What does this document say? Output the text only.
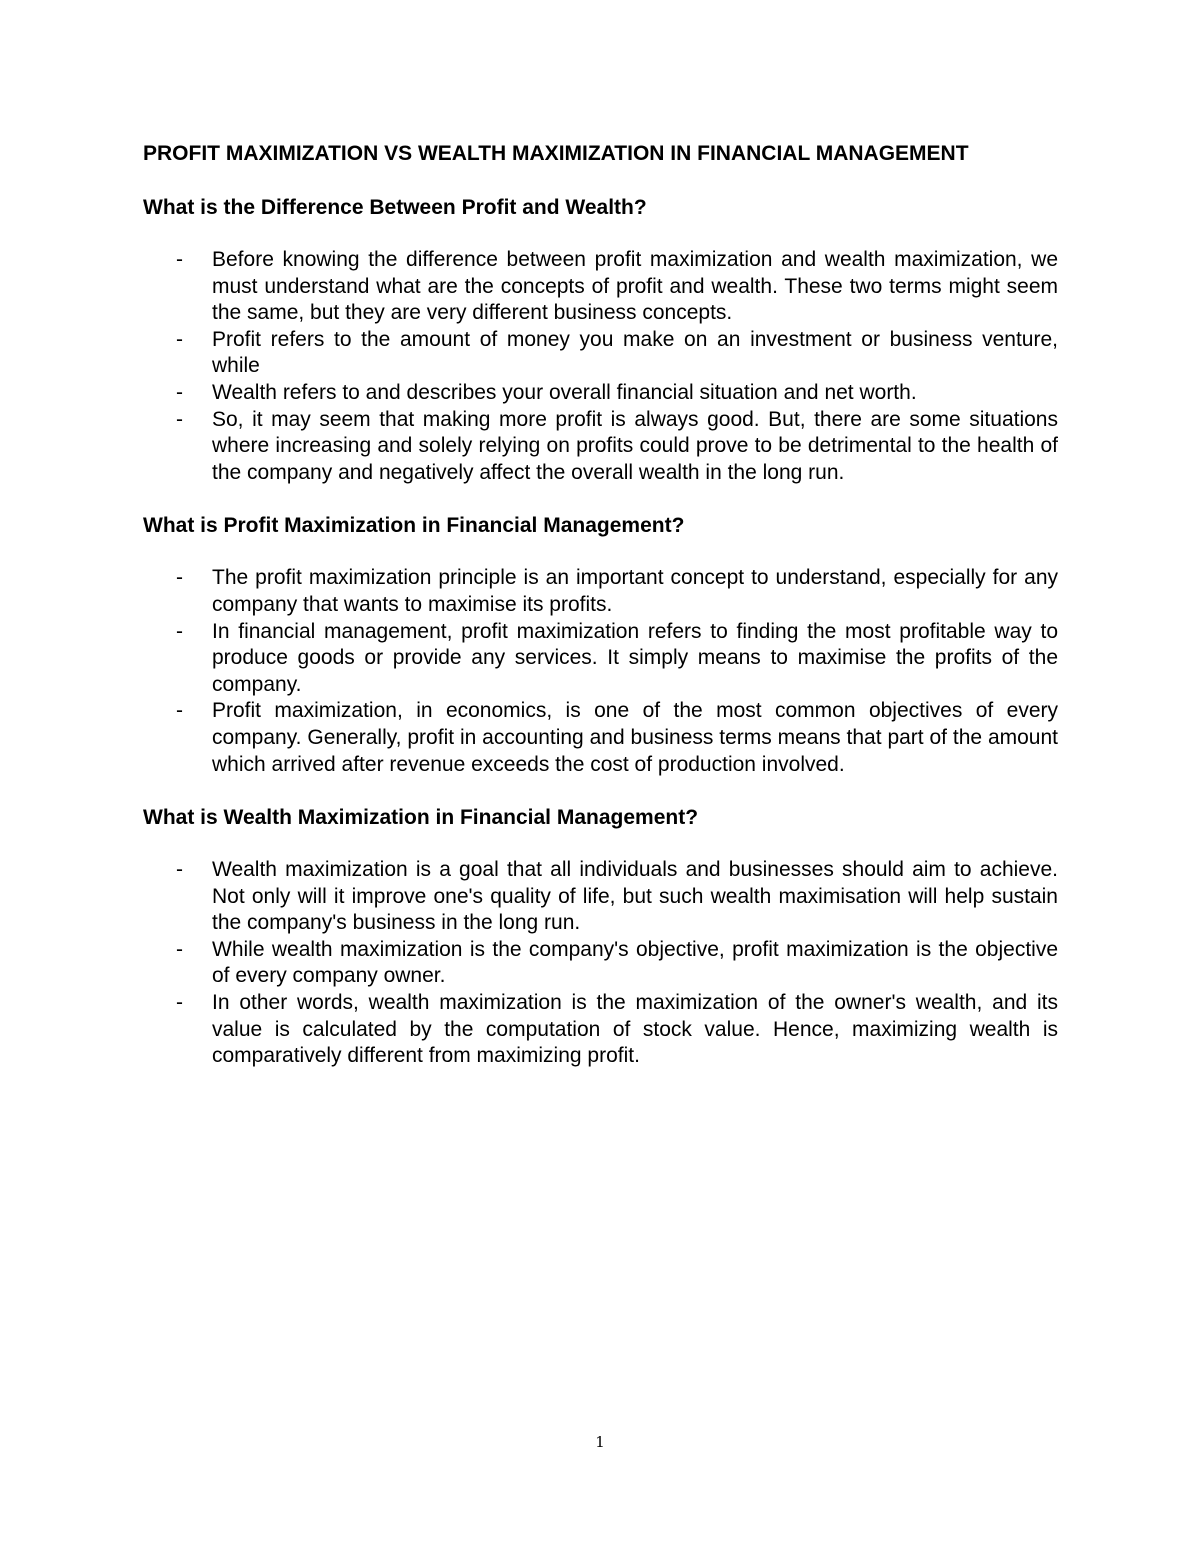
PROFIT MAXIMIZATION VS WEALTH MAXIMIZATION IN FINANCIAL MANAGEMENT
What is the Difference Between Profit and Wealth?
-	Before knowing the difference between profit maximization and wealth maximization, we must understand what are the concepts of profit and wealth. These two terms might seem the same, but they are very different business concepts.
-	Profit refers to the amount of money you make on an investment or business venture, while
-	Wealth refers to and describes your overall financial situation and net worth.
-	So, it may seem that making more profit is always good. But, there are some situations where increasing and solely relying on profits could prove to be detrimental to the health of the company and negatively affect the overall wealth in the long run.
What is Profit Maximization in Financial Management?
-	The profit maximization principle is an important concept to understand, especially for any company that wants to maximise its profits.
-	In financial management, profit maximization refers to finding the most profitable way to produce goods or provide any services. It simply means to maximise the profits of the company.
-	Profit maximization, in economics, is one of the most common objectives of every company. Generally, profit in accounting and business terms means that part of the amount which arrived after revenue exceeds the cost of production involved.
What is Wealth Maximization in Financial Management?
-	Wealth maximization is a goal that all individuals and businesses should aim to achieve. Not only will it improve one's quality of life, but such wealth maximisation will help sustain the company's business in the long run.
-	While wealth maximization is the company's objective, profit maximization is the objective of every company owner.
-	In other words, wealth maximization is the maximization of the owner's wealth, and its value is calculated by the computation of stock value. Hence, maximizing wealth is comparatively different from maximizing profit.
1
